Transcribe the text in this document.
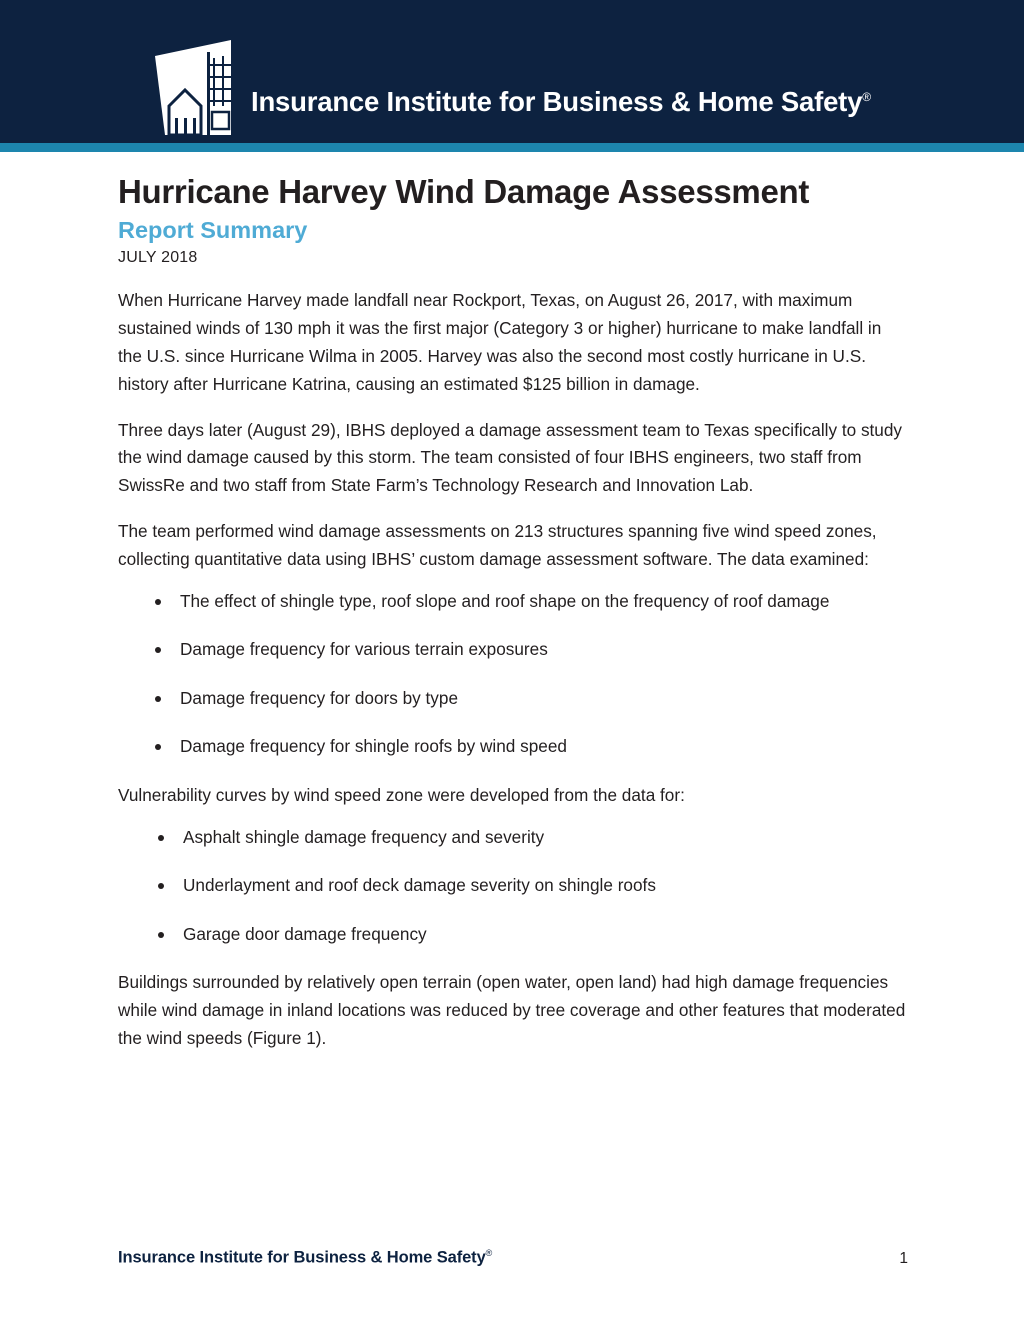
Insurance Institute for Business & Home Safety®
Hurricane Harvey Wind Damage Assessment
Report Summary
JULY 2018

When Hurricane Harvey made landfall near Rockport, Texas, on August 26, 2017, with maximum sustained winds of 130 mph it was the first major (Category 3 or higher) hurricane to make landfall in the U.S. since Hurricane Wilma in 2005. Harvey was also the second most costly hurricane in U.S. history after Hurricane Katrina, causing an estimated $125 billion in damage.

Three days later (August 29), IBHS deployed a damage assessment team to Texas specifically to study the wind damage caused by this storm. The team consisted of four IBHS engineers, two staff from SwissRe and two staff from State Farm’s Technology Research and Innovation Lab.

The team performed wind damage assessments on 213 structures spanning five wind speed zones, collecting quantitative data using IBHS’ custom damage assessment software. The data examined:

The effect of shingle type, roof slope and roof shape on the frequency of roof damage
Damage frequency for various terrain exposures
Damage frequency for doors by type
Damage frequency for shingle roofs by wind speed

Vulnerability curves by wind speed zone were developed from the data for:

Asphalt shingle damage frequency and severity
Underlayment and roof deck damage severity on shingle roofs
Garage door damage frequency

Buildings surrounded by relatively open terrain (open water, open land) had high damage frequencies while wind damage in inland locations was reduced by tree coverage and other features that moderated the wind speeds (Figure 1).

Insurance Institute for Business & Home Safety®	1
